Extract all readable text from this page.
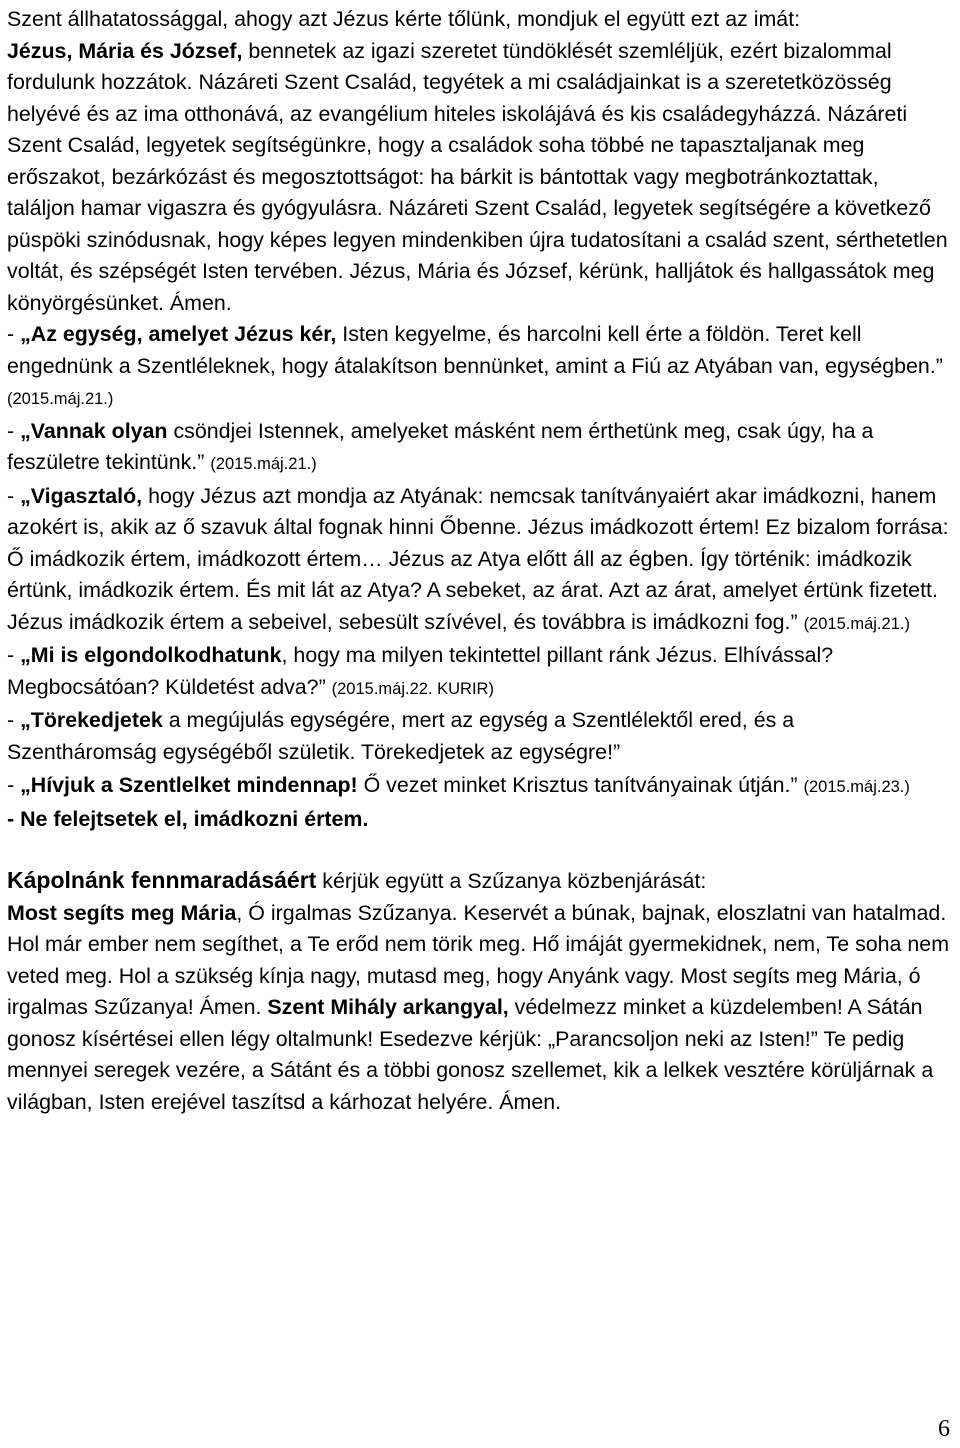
Szent állhatatossággal, ahogy azt Jézus kérte tőlünk, mondjuk el együtt ezt az imát:
Jézus, Mária és József, bennetek az igazi szeretet tündöklését szemléljük, ezért bizalommal fordulunk hozzátok. Názáreti Szent Család, tegyétek a mi családjainkat is a szeretetközösség helyévé és az ima otthonává, az evangélium hiteles iskolájává és kis családegyházzá. Názáreti Szent Család, legyetek segítségünkre, hogy a családok soha többé ne tapasztaljanak meg erőszakot, bezárkózást és megosztottságot: ha bárkit is bántottak vagy megbotránkoztattak, találjon hamar vigaszra és gyógyulásra. Názáreti Szent Család, legyetek segítségére a következő püspöki szinódusnak, hogy képes legyen mindenkiben újra tudatosítani a család szent, sérthetetlen voltát, és szépségét Isten tervében. Jézus, Mária és József, kérünk, halljátok és hallgassátok meg könyörgésünket. Ámen.

- „Az egység, amelyet Jézus kér, Isten kegyelme, és harcolni kell érte a földön. Teret kell engednünk a Szentléleknek, hogy átalakítson bennünket, amint a Fiú az Atyában van, egységben.” (2015.máj.21.)

- „Vannak olyan csöndjei Istennek, amelyeket másként nem érthetünk meg, csak úgy, ha a feszületre tekintünk.” (2015.máj.21.)

- „Vigasztaló, hogy Jézus azt mondja az Atyának: nemcsak tanítványaiért akar imádkozni, hanem azokért is, akik az ő szavuk által fognak hinni Őbenne. Jézus imádkozott értem! Ez bizalom forrása: Ő imádkozik értem, imádkozott értem… Jézus az Atya előtt áll az égben. Így történik: imádkozik értünk, imádkozik értem. És mit lát az Atya? A sebeket, az árat. Azt az árat, amelyet értünk fizetett. Jézus imádkozik értem a sebeivel, sebesült szívével, és továbbra is imádkozni fog.” (2015.máj.21.)

- „Mi is elgondolkodhatunk, hogy ma milyen tekintettel pillant ránk Jézus. Elhívással? Megbocsátóan? Küldetést adva?” (2015.máj.22. KURIR)

- „Törekedjetek a megújulás egységére, mert az egység a Szentlélektől ered, és a Szentháromság egységéből születik. Törekedjetek az egységre!”

- „Hívjuk a Szentlelket mindennap! Ő vezet minket Krisztus tanítványainak útján.” (2015.máj.23.)

- Ne felejtsetek el, imádkozni értem.

Kápolnánk fennmaradásáért kérjük együtt a Szűzanya közbenjárását:
Most segíts meg Mária, Ó irgalmas Szűzanya. Keservét a búnak, bajnak, eloszlatni van hatalmad. Hol már ember nem segíthet, a Te erőd nem törik meg. Hő imáját gyermekidnek, nem, Te soha nem veted meg. Hol a szükség kínja nagy, mutasd meg, hogy Anyánk vagy. Most segíts meg Mária, ó irgalmas Szűzanya! Ámen. Szent Mihály arkangyal, védelmezz minket a küzdelemben! A Sátán gonosz kísértései ellen légy oltalmunk! Esedezve kérjük: „Parancsoljon neki az Isten!” Te pedig mennyei seregek vezére, a Sátánt és a többi gonosz szellemet, kik a lelkek vesztére körüljárnak a világban, Isten erejével taszítsd a kárhozat helyére. Ámen.

6
